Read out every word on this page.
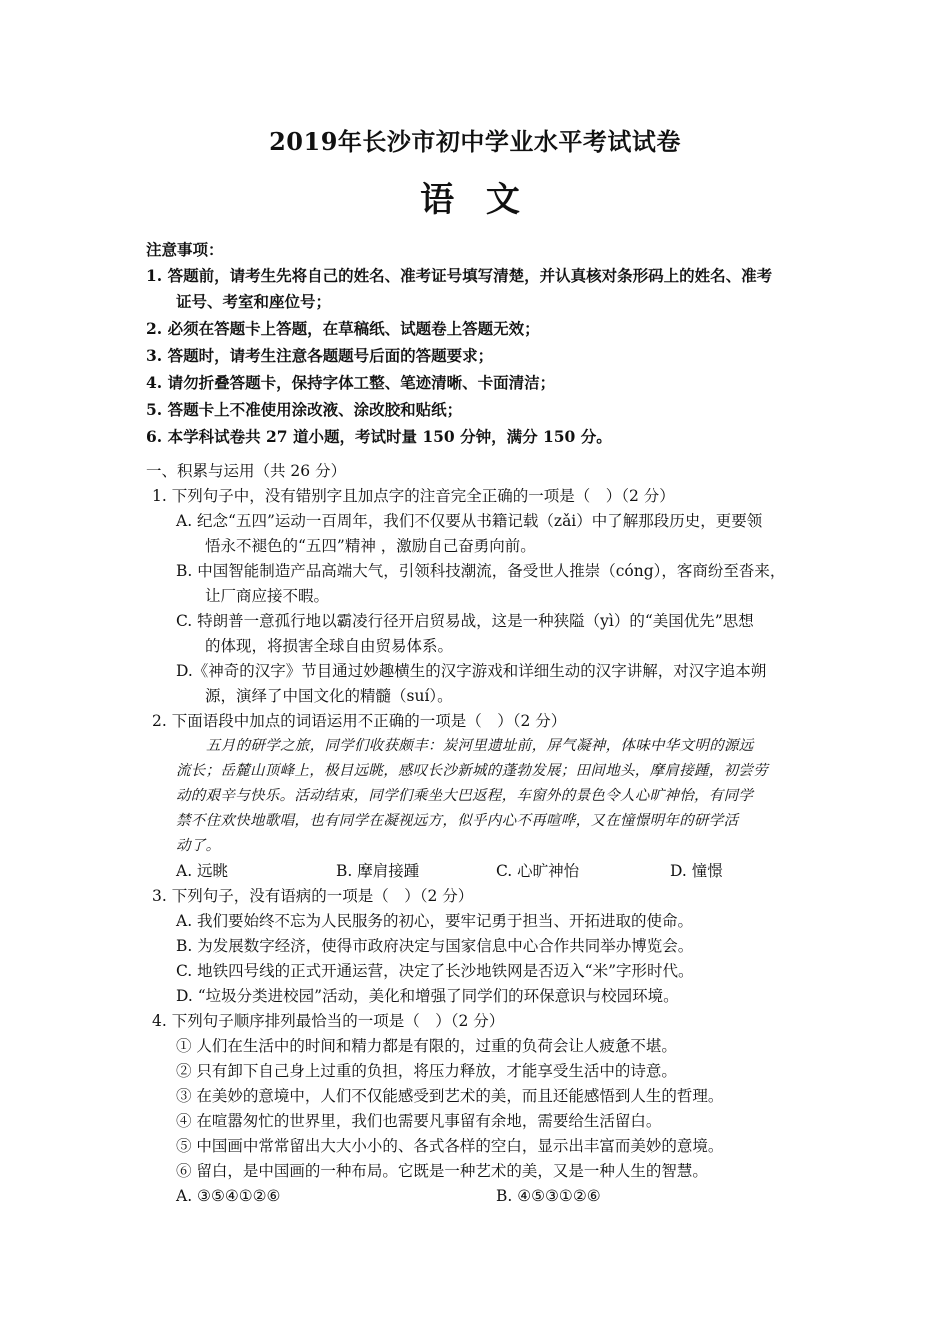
2019年长沙市初中学业水平考试试卷
语 文
注意事项：
1. 答题前，请考生先将自己的姓名、准考证号填写清楚，并认真核对条形码上的姓名、准考
证号、考室和座位号；
2. 必须在答题卡上答题，在草稿纸、试题卷上答题无效；
3. 答题时，请考生注意各题题号后面的答题要求；
4. 请勿折叠答题卡，保持字体工整、笔迹清晰、卡面清洁；
5. 答题卡上不准使用涂改液、涂改胶和贴纸；
6. 本学科试卷共 27 道小题，考试时量 150 分钟，满分 150 分。
一、积累与运用（共 26 分）
1. 下列句子中，没有错别字且加点字的注音完全正确的一项是（　）（2 分）
A. 纪念“五四”运动一百周年，我们不仅要从书籍记载（zǎi）中了解那段历史，更要领
悟永不褪色的“五四”精神 ，激励自己奋勇向前。
B. 中国智能制造产品高端大气，引领科技潮流，备受世人推崇（cóng），客商纷至沓来，
让厂商应接不暇。
C. 特朗普一意孤行地以霸凌行径开启贸易战，这是一种狭隘（yì）的“美国优先”思想
的体现，将损害全球自由贸易体系。
D.《神奇的汉字》节目通过妙趣横生的汉字游戏和详细生动的汉字讲解，对汉字追本朔
源，演绎了中国文化的精髓（suí）。
2. 下面语段中加点的词语运用不正确的一项是（　）（2 分）
五月的研学之旅，同学们收获颇丰：炭河里遗址前，屏气凝神，体味中华文明的源远
流长；岳麓山顶峰上，极目远眺，感叹长沙新城的蓬勃发展；田间地头，摩肩接踵，初尝劳
动的艰辛与快乐。活动结束，同学们乘坐大巴返程，车窗外的景色令人心旷神怡，有同学
禁不住欢快地歌唱，也有同学在凝视远方，似乎内心不再喧哗，又在憧憬明年的研学活
动了。
A. 远眺	B. 摩肩接踵	C. 心旷神怡	D. 憧憬
3. 下列句子，没有语病的一项是（　）（2 分）
A. 我们要始终不忘为人民服务的初心，要牢记勇于担当、开拓进取的使命。
B. 为发展数字经济，使得市政府决定与国家信息中心合作共同举办博览会。
C. 地铁四号线的正式开通运营，决定了长沙地铁网是否迈入“米”字形时代。
D. “垃圾分类进校园”活动，美化和增强了同学们的环保意识与校园环境。
4. 下列句子顺序排列最恰当的一项是（　）（2 分）
① 人们在生活中的时间和精力都是有限的，过重的负荷会让人疲惫不堪。
② 只有卸下自己身上过重的负担，将压力释放，才能享受生活中的诗意。
③ 在美妙的意境中，人们不仅能感受到艺术的美，而且还能感悟到人生的哲理。
④ 在喧嚣匆忙的世界里，我们也需要凡事留有余地，需要给生活留白。
⑤ 中国画中常常留出大大小小的、各式各样的空白，显示出丰富而美妙的意境。
⑥ 留白，是中国画的一种布局。它既是一种艺术的美，又是一种人生的智慧。
A. ③⑤④①②⑥	B. ④⑤③①②⑥
